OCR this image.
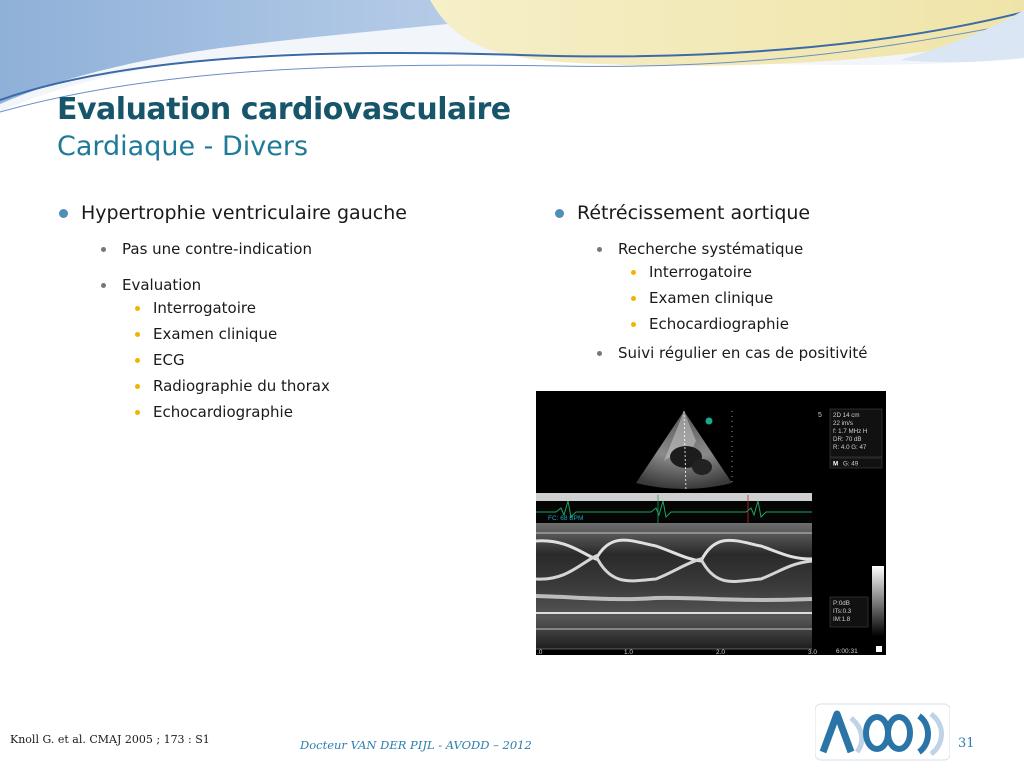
Evaluation cardiovasculaire
Cardiaque - Divers
Hypertrophie ventriculaire gauche
Pas une contre-indication
Evaluation
Interrogatoire
Examen clinique
ECG
Radiographie du thorax
Echocardiographie
Rétrécissement aortique
Recherche systématique
Interrogatoire
Examen clinique
Echocardiographie
Suivi régulier en cas de positivité
5 2D 14 cm 22 im/s f: 1.7 MHz H DR: 70 dB R: 4.0 G: 47
M G: 49
FC: 68 BPM
P:0dB ITs:0.3 IM:1.8
.0	1.0	2.0	3.0	6:00:31
Knoll G. et al. CMAJ 2005 ; 173 : S1	Docteur VAN DER PIJL - AVODD – 2012	31
